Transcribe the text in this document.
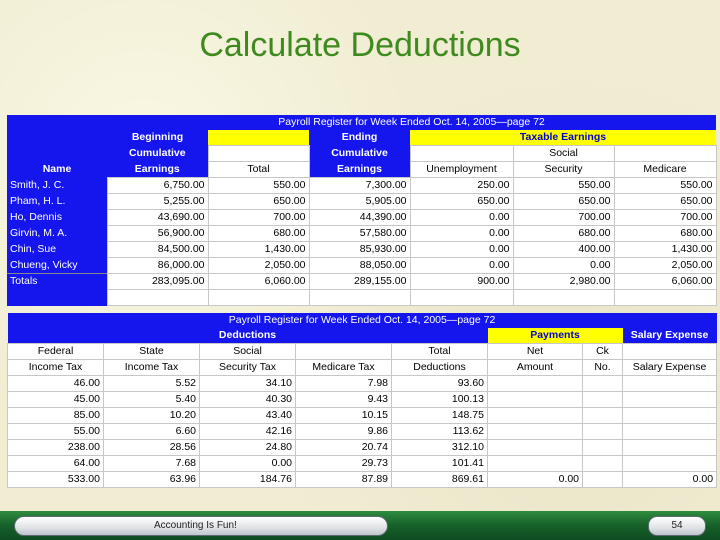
Calculate Deductions
	Payroll Register for Week Ended Oct. 14, 2005—page 72					
	Beginning		Ending	Taxable Earnings		
	Cumulative		Cumulative		Social	
Name	Earnings	Total	Earnings	Unemployment	Security	Medicare
Smith, J. C.	6,750.00	550.00	7,300.00	250.00	550.00	550.00
Pham, H. L.	5,255.00	650.00	5,905.00	650.00	650.00	650.00
Ho, Dennis	43,690.00	700.00	44,390.00	0.00	700.00	700.00
Girvin, M. A.	56,900.00	680.00	57,580.00	0.00	680.00	680.00
Chin, Sue	84,500.00	1,430.00	85,930.00	0.00	400.00	1,430.00
Chueng, Vicky	86,000.00	2,050.00	88,050.00	0.00	0.00	2,050.00
Totals	283,095.00	6,060.00	289,155.00	900.00	2,980.00	6,060.00

Payroll Register for Week Ended Oct. 14, 2005—page 72							
Deductions					Payments		Salary Expense
Federal	State	Social		Total	Net	Ck	
Income Tax	Income Tax	Security Tax	Medicare Tax	Deductions	Amount	No.	Salary Expense
46.00	5.52	34.10	7.98	93.60			
45.00	5.40	40.30	9.43	100.13			
85.00	10.20	43.40	10.15	148.75			
55.00	6.60	42.16	9.86	113.62			
238.00	28.56	24.80	20.74	312.10			
64.00	7.68	0.00	29.73	101.41			
533.00	63.96	184.76	87.89	869.61	0.00		0.00
Accounting Is Fun!	54
